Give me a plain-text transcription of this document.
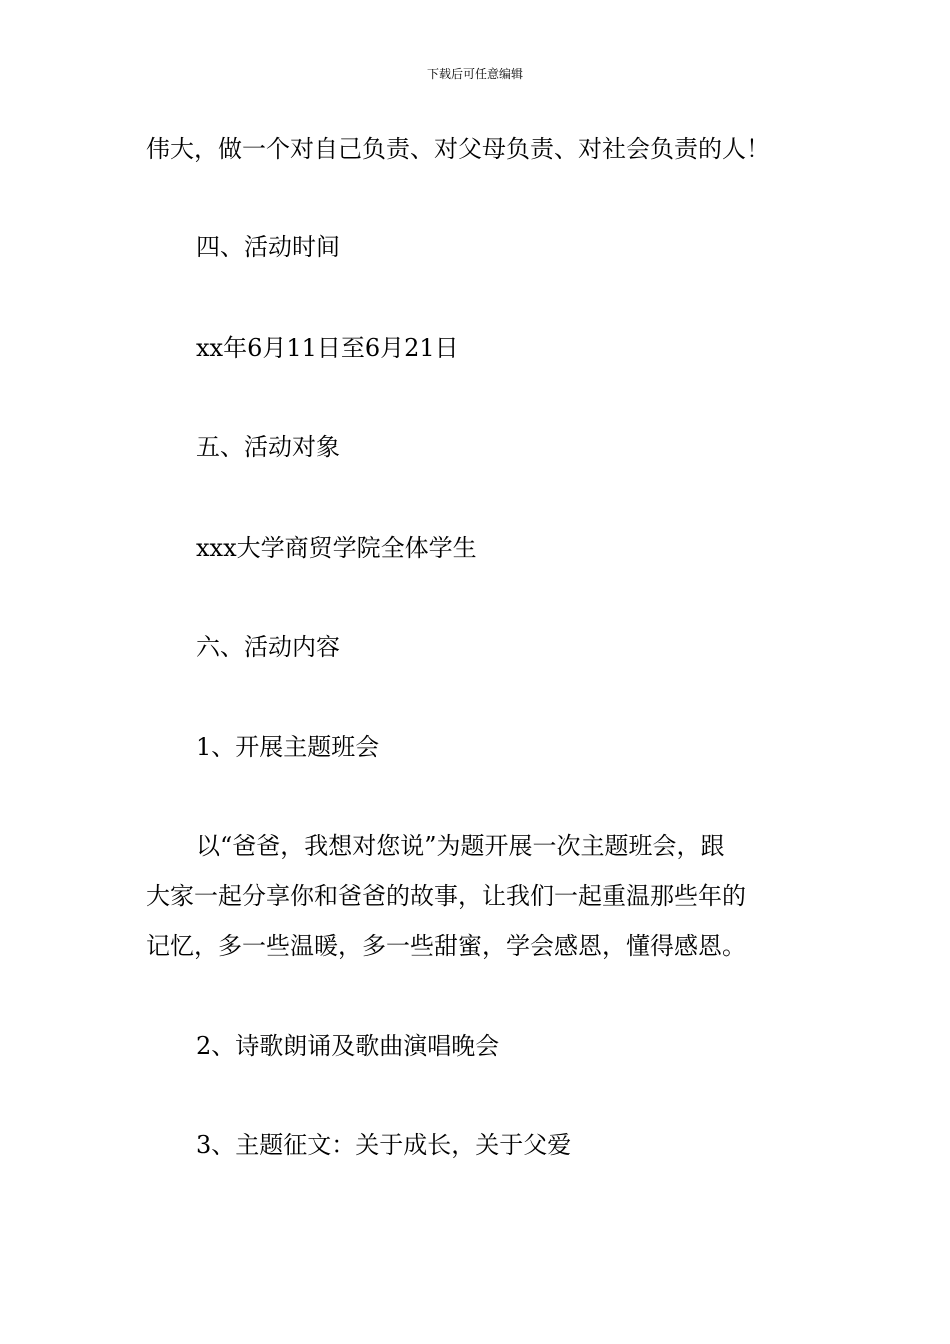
下载后可任意编辑
伟大，做一个对自己负责、对父母负责、对社会负责的人！
四、活动时间
xx年6月11日至6月21日
五、活动对象
xxx大学商贸学院全体学生
六、活动内容
1、开展主题班会
以“爸爸，我想对您说”为题开展一次主题班会，跟
大家一起分享你和爸爸的故事，让我们一起重温那些年的
记忆，多一些温暖，多一些甜蜜，学会感恩，懂得感恩。
2、诗歌朗诵及歌曲演唱晚会
3、主题征文：关于成长，关于父爱
